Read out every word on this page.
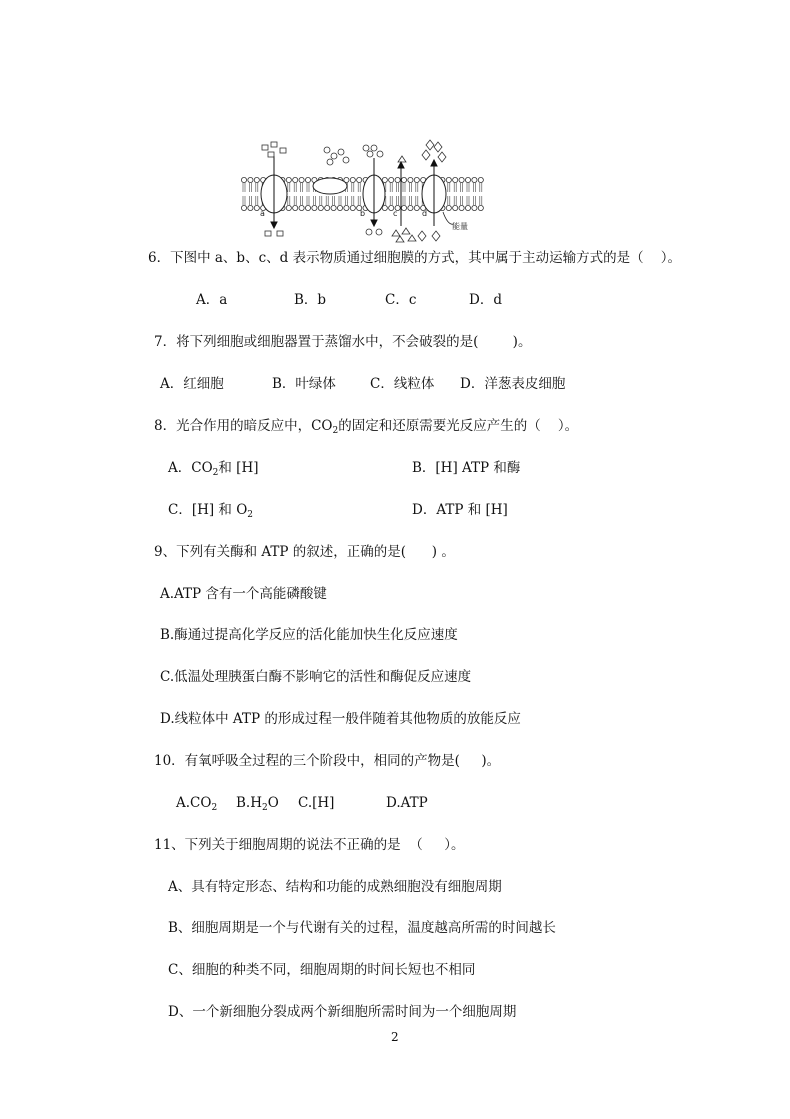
a	b	c	d
能量
6．下图中 a、b、c、d 表示物质通过细胞膜的方式，其中属于主动运输方式的是（    ）。
A．a	B．b	C．c	D．d
7．将下列细胞或细胞器置于蒸馏水中，不会破裂的是(        )。
A．红细胞	B．叶绿体	C．线粒体 D．洋葱表皮细胞
8．光合作用的暗反应中，$CO_2$的固定和还原需要光反应产生的（    ）。
A．$CO_2$和 [H]	B．[H] ATP 和酶
C．[H] 和 $O_2$	D．ATP 和 [H]
9、下列有关酶和 ATP 的叙述，正确的是(      ) 。
A.ATP 含有一个高能磷酸键
B.酶通过提高化学反应的活化能加快生化反应速度
C.低温处理胰蛋白酶不影响它的活性和酶促反应速度
D.线粒体中 ATP 的形成过程一般伴随着其他物质的放能反应
10．有氧呼吸全过程的三个阶段中，相同的产物是(     )。
$A.CO_2$ $B.H_2O$ C.[H]	D.ATP
11、下列关于细胞周期的说法不正确的是  （     ）。
A、具有特定形态、结构和功能的成熟细胞没有细胞周期
B、细胞周期是一个与代谢有关的过程，温度越高所需的时间越长
C、细胞的种类不同，细胞周期的时间长短也不相同
D、一个新细胞分裂成两个新细胞所需时间为一个细胞周期
2
